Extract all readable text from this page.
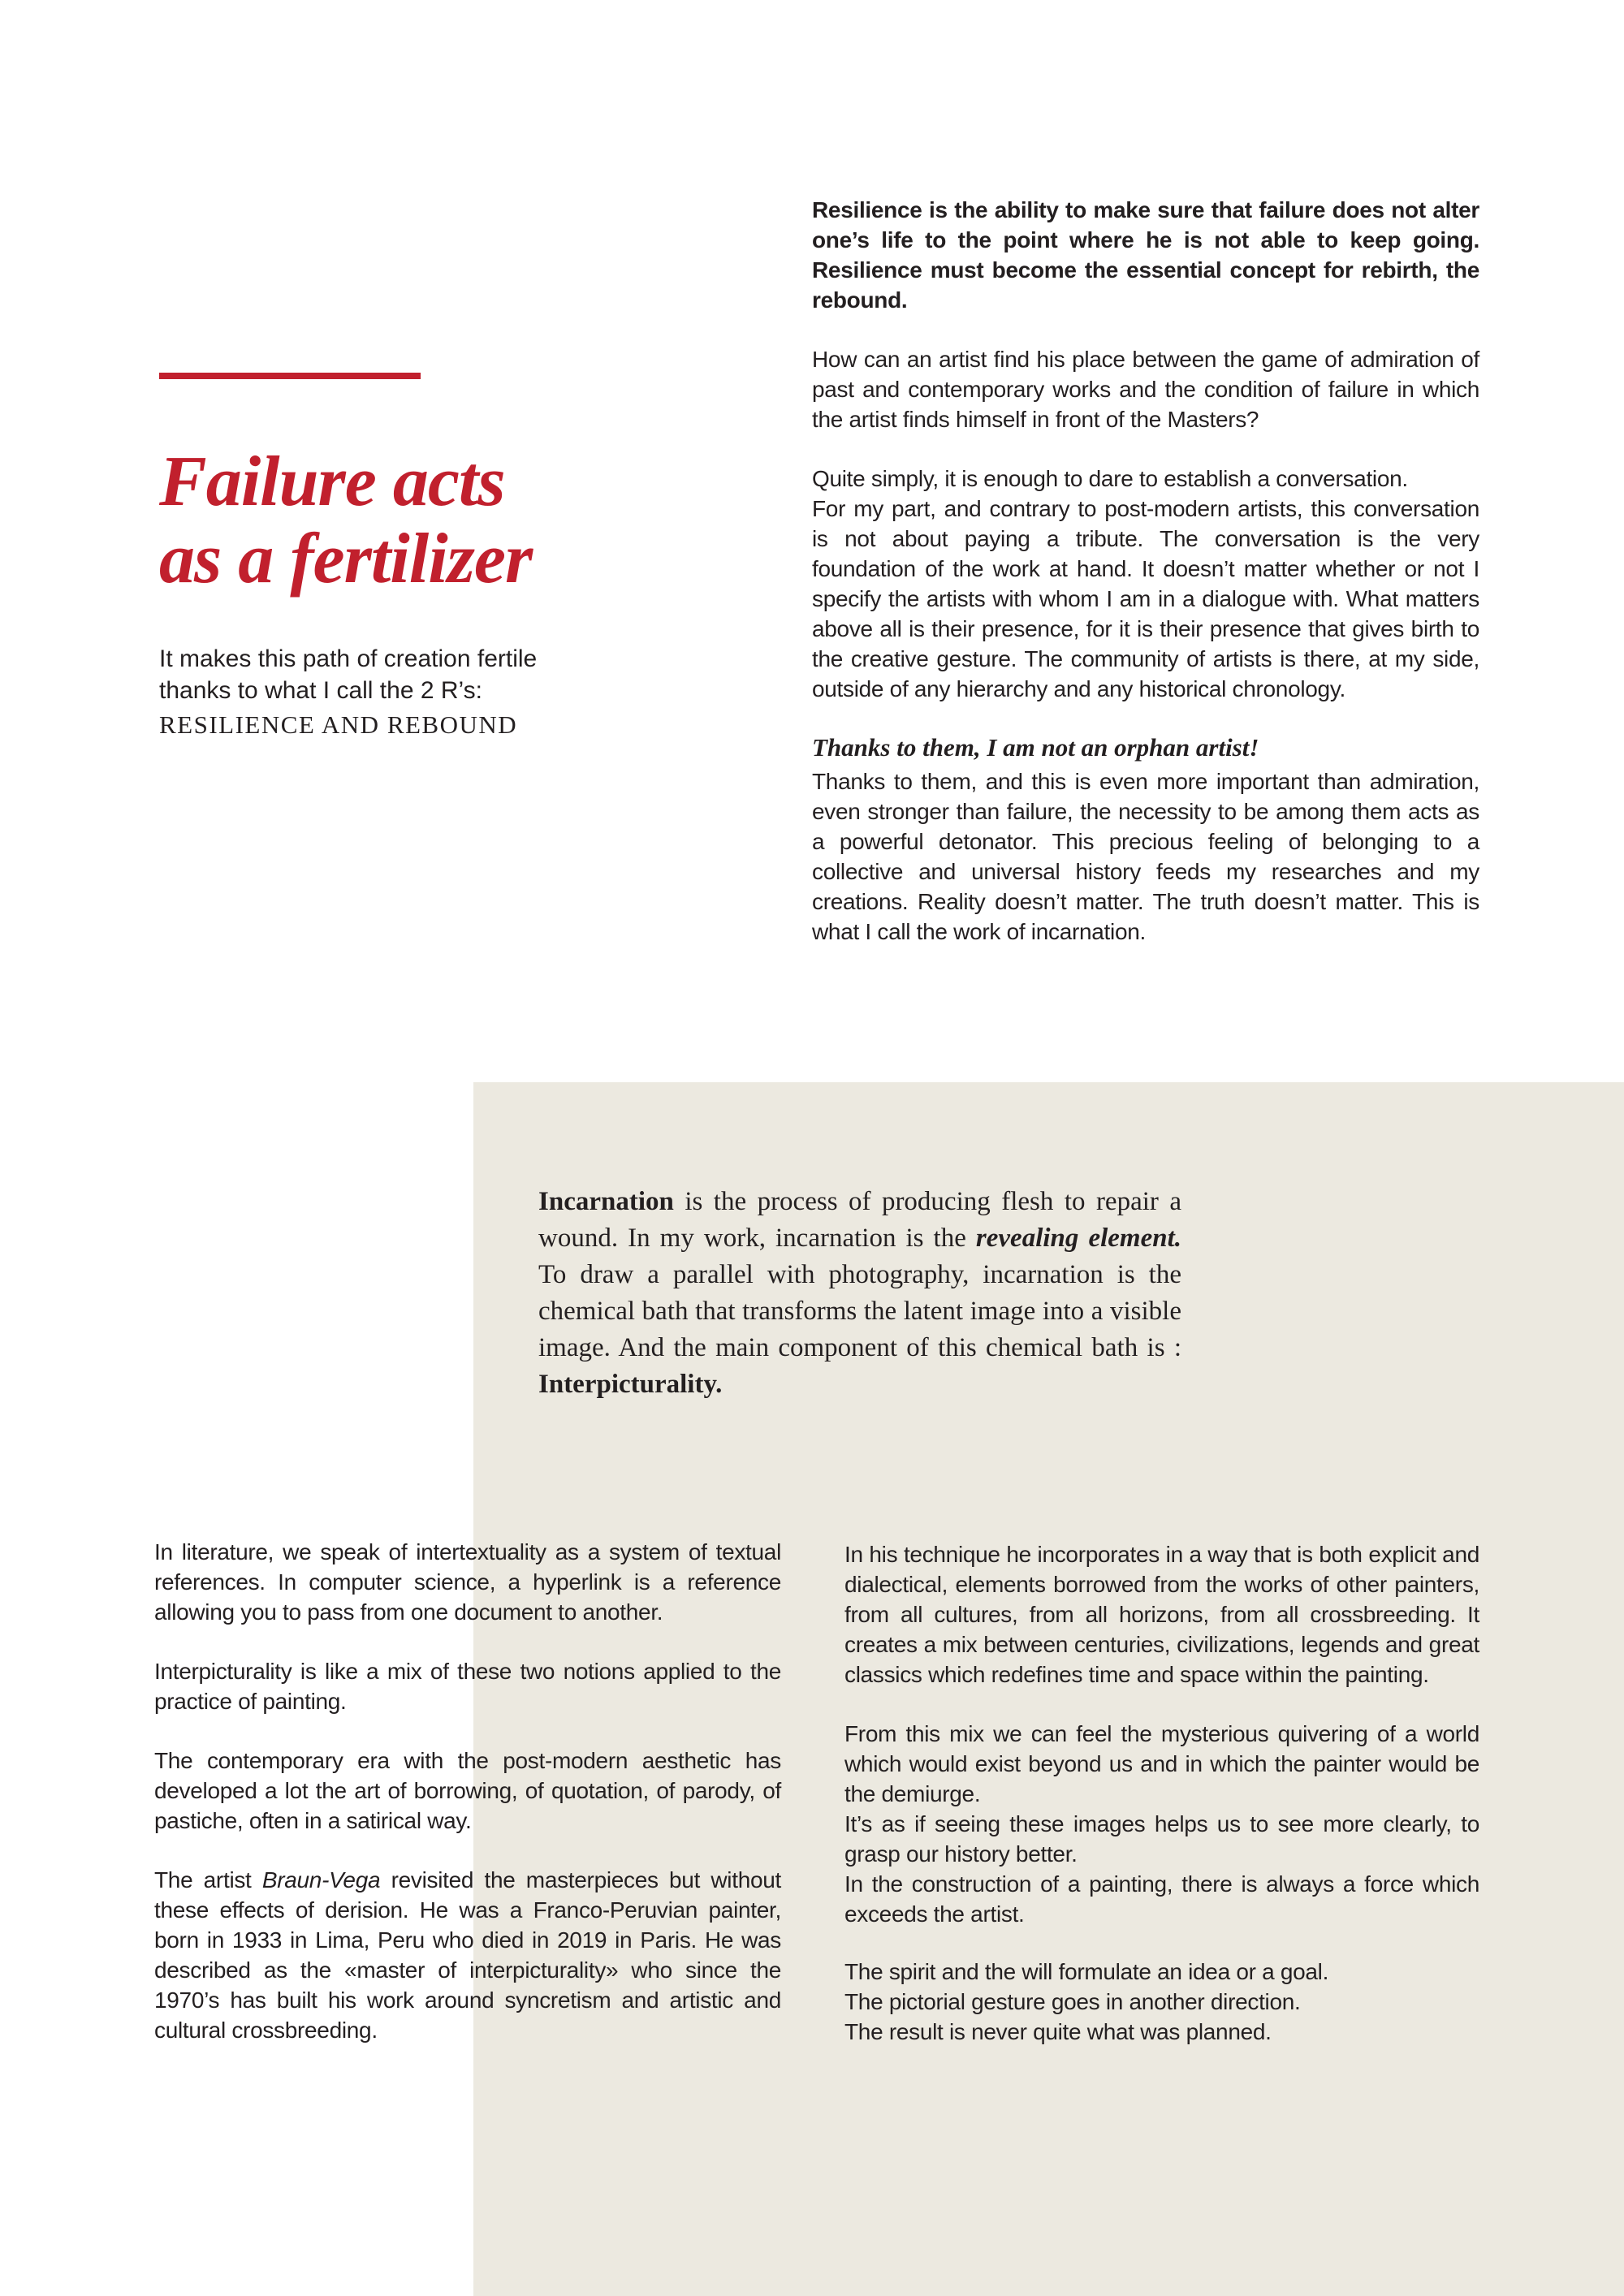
Failure acts
as a fertilizer
It makes this path of creation fertile
thanks to what I call the 2 R’s:
RESILIENCE AND REBOUND

Resilience is the ability to make sure that failure does not alter one’s life to the point where he is not able to keep going. Resilience must become the essential concept for rebirth, the rebound.

How can an artist find his place between the game of admiration of past and contemporary works and the condition of failure in which the artist finds himself in front of the Masters?

Quite simply, it is enough to dare to establish a conversation.

For my part, and contrary to post-modern artists, this conversation is not about paying a tribute. The conversation is the very foundation of the work at hand. It doesn’t matter whether or not I specify the artists with whom I am in a dialogue with. What matters above all is their presence, for it is their presence that gives birth to the creative gesture. The community of artists is there, at my side, outside of any hierarchy and any historical chronology.

Thanks to them, I am not an orphan artist!

Thanks to them, and this is even more important than admiration, even stronger than failure, the necessity to be among them acts as a powerful detonator. This precious feeling of belonging to a collective and universal history feeds my researches and my creations. Reality doesn’t matter. The truth doesn’t matter. This is what I call the work of incarnation.

Incarnation is the process of producing flesh to repair a wound. In my work, incarnation is the revealing element. To draw a parallel with photography, incarnation is the chemical bath that transforms the latent image into a visible image. And the main component of this chemical bath is : Interpicturality.

In literature, we speak of intertextuality as a system of textual references. In computer science, a hyperlink is a reference allowing you to pass from one document to another.

Interpicturality is like a mix of these two notions applied to the practice of painting.

The contemporary era with the post-modern aesthetic has developed a lot the art of borrowing, of quotation, of parody, of pastiche, often in a satirical way.

The artist Braun-Vega revisited the masterpieces but without these effects of derision. He was a Franco-Peruvian painter, born in 1933 in Lima, Peru who died in 2019 in Paris. He was described as the «master of interpicturality» who since the 1970’s has built his work around syncretism and artistic and cultural crossbreeding.

In his technique he incorporates in a way that is both explicit and dialectical, elements borrowed from the works of other painters, from all cultures, from all horizons, from all crossbreeding. It creates a mix between centuries, civilizations, legends and great classics which redefines time and space within the painting.

From this mix we can feel the mysterious quivering of a world which would exist beyond us and in which the painter would be the demiurge.

It’s as if seeing these images helps us to see more clearly, to grasp our history better.

In the construction of a painting, there is always a force which exceeds the artist.

The spirit and the will formulate an idea or a goal.

The pictorial gesture goes in another direction.

The result is never quite what was planned.
